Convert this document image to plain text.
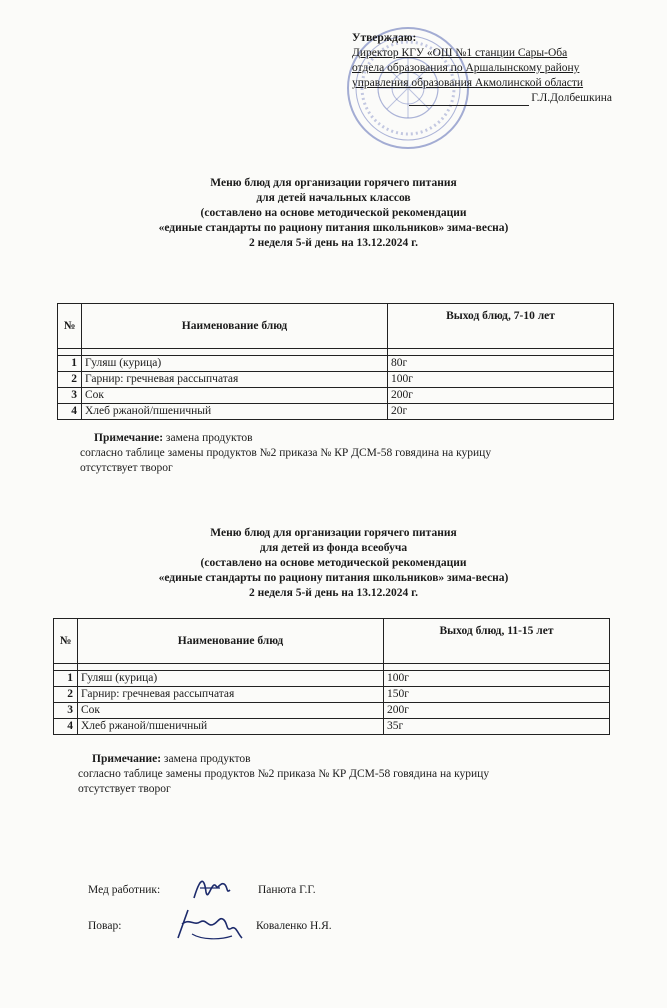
Утверждаю:
Директор КГУ «ОШ №1 станции Сары-Оба
отдела образования по Аршалынскому району
управления образования Акмолинской области
Г.Л.Долбешкина
Меню блюд для организации горячего питания
для детей начальных классов
(составлено на основе методической рекомендации
«единые стандарты по рациону питания школьников» зима-весна)
2 неделя 5-й день на 13.12.2024 г.
№	Наименование блюд	Выход блюд, 7-10 лет

1	Гуляш (курица)	80г
2	Гарнир: гречневая рассыпчатая	100г
3	Сок	200г
4	Хлеб ржаной/пшеничный	20г
Примечание: замена продуктов
согласно таблице замены продуктов №2 приказа № КР ДСМ-58 говядина на курицу
отсутствует творог
Меню блюд для организации горячего питания
для детей из фонда всеобуча
(составлено на основе методической рекомендации
«единые стандарты по рациону питания школьников» зима-весна)
2 неделя 5-й день на 13.12.2024 г.
№	Наименование блюд	Выход блюд, 11-15 лет

1	Гуляш (курица)	100г
2	Гарнир: гречневая рассыпчатая	150г
3	Сок	200г
4	Хлеб ржаной/пшеничный	35г
Примечание: замена продуктов
согласно таблице замены продуктов №2 приказа № КР ДСМ-58 говядина на курицу
отсутствует творог
Мед работник:	Панюта Г.Г.
Повар:	Коваленко Н.Я.
